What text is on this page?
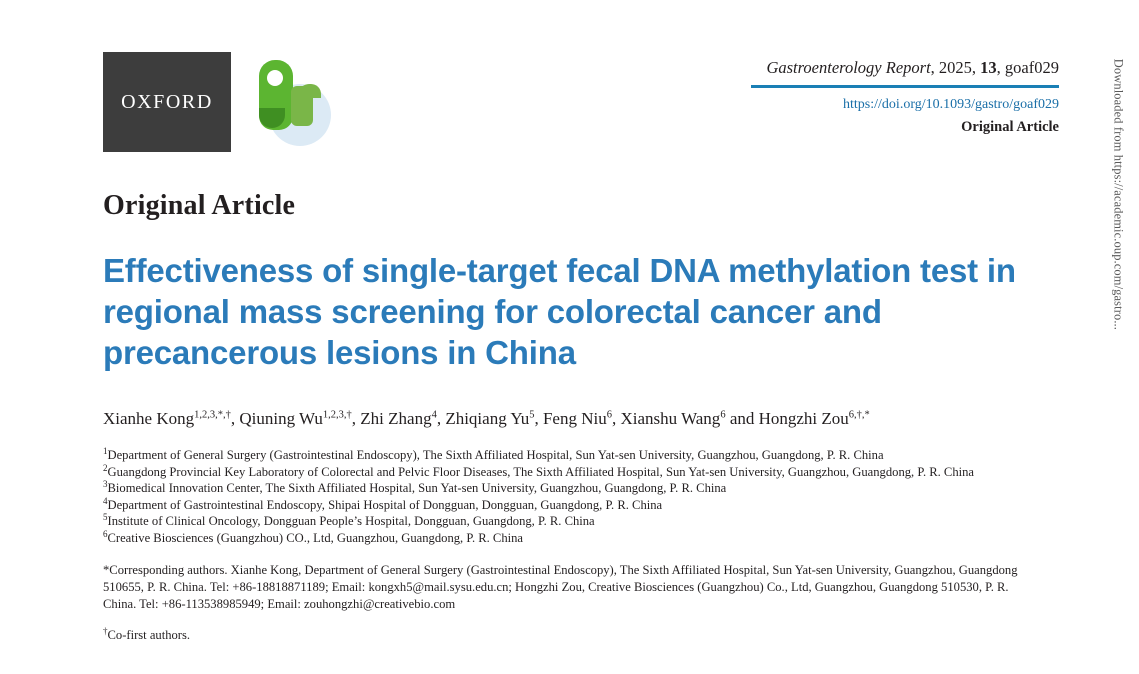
OXFORD
Gastroenterology Report, 2025, 13, goaf029
https://doi.org/10.1093/gastro/goaf029
Original Article
Original Article
Effectiveness of single-target fecal DNA methylation test in regional mass screening for colorectal cancer and precancerous lesions in China
Xianhe Kong$^{1,2,3,*,\dagger}$, Qiuning $Wu^{1,2,3,\dagger}$, Zhi Zhang$^4$, Zhiqiang Yu$^5$, Feng Niu$^6$, Xianshu Wang$^6$ and Hongzhi Zou$^{6,\dagger,*}$

$^1$Department of General Surgery (Gastrointestinal Endoscopy), The Sixth Affiliated Hospital, Sun Yat-sen University, Guangzhou, Guangdong, P. R. China

$^2$Guangdong Provincial Key Laboratory of Colorectal and Pelvic Floor Diseases, The Sixth Affiliated Hospital, Sun Yat-sen University, Guangzhou, Guangdong, P. R. China

$^3$Biomedical Innovation Center, The Sixth Affiliated Hospital, Sun Yat-sen University, Guangzhou, Guangdong, P. R. China

$^4$Department of Gastrointestinal Endoscopy, Shipai Hospital of Dongguan, Dongguan, Guangdong, P. R. China

$^5$Institute of Clinical Oncology, Dongguan People’s Hospital, Dongguan, Guangdong, P. R. China

$^6$Creative Biosciences (Guangzhou) CO., Ltd, Guangzhou, Guangdong, P. R. China

*Corresponding authors. Xianhe Kong, Department of General Surgery (Gastrointestinal Endoscopy), The Sixth Affiliated Hospital, Sun Yat-sen University, Guangzhou, Guangdong 510655, P. R. China. Tel: +86-18818871189; Email: kongxh5@mail.sysu.edu.cn; Hongzhi Zou, Creative Biosciences (Guangzhou) Co., Ltd, Guangzhou, Guangdong 510530, P. R. China. Tel: +86-113538985949; Email: zouhongzhi@creativebio.com
†Co-first authors.
Downloaded from https://academic.oup.com/gastro...
